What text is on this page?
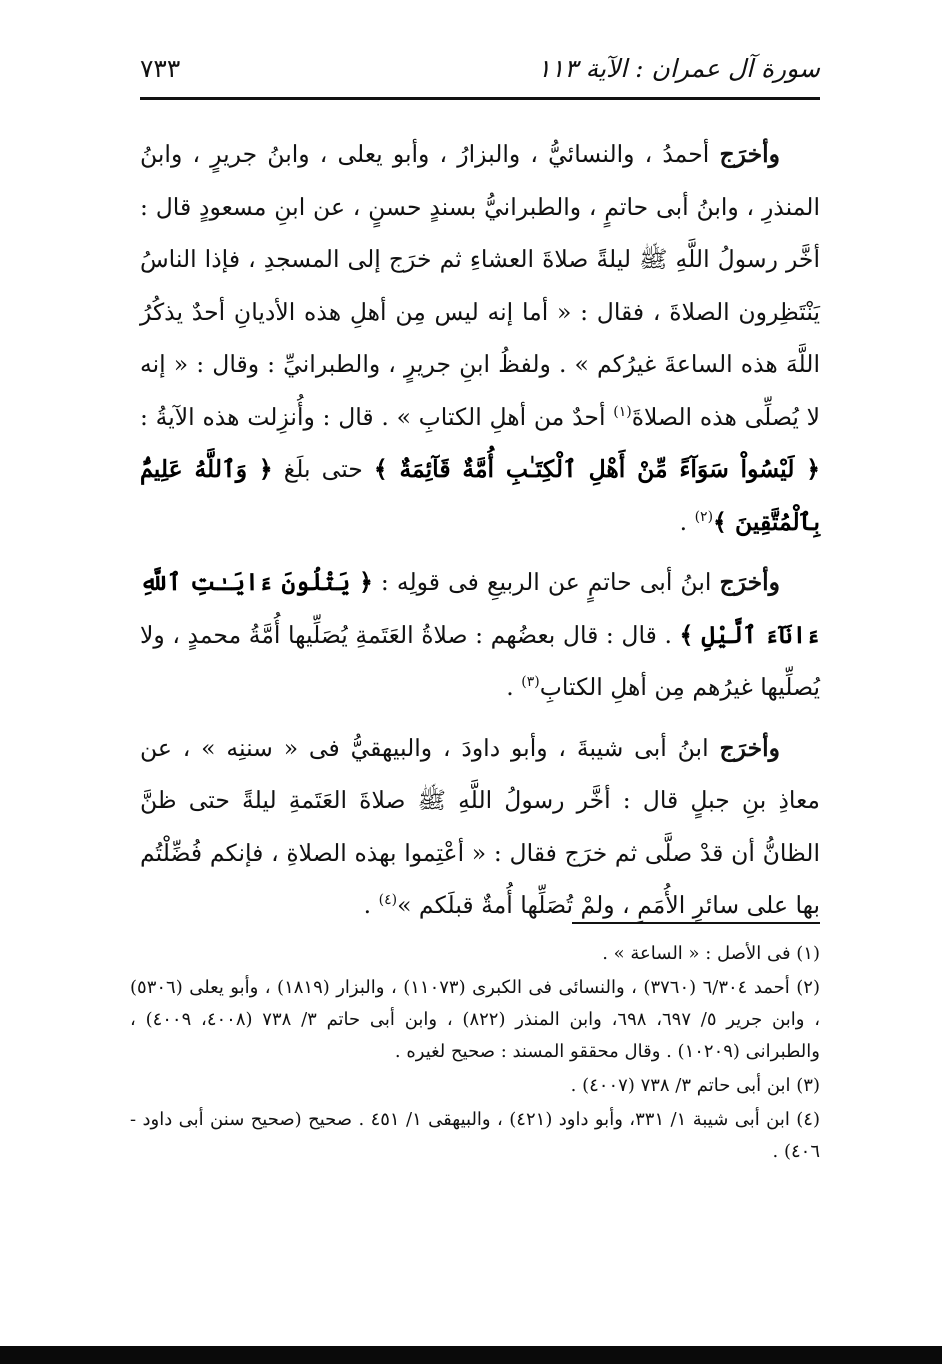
سورة آل عمران : الآية ١١٣
٧٣٣

وأخرَج أحمدُ ، والنسائيُّ ، والبزارُ ، وأبو يعلى ، وابنُ جريرٍ ، وابنُ المنذرِ ، وابنُ أبى حاتمٍ ، والطبرانيُّ بسندٍ حسنٍ ، عن ابنِ مسعودٍ قال : أخَّر رسولُ اللَّهِ ﷺ ليلةً صلاةَ العشاءِ ثم خرَج إلى المسجدِ ، فإذا الناسُ يَنْتَظِرون الصلاةَ ، فقال : « أما إنه ليس مِن أهلِ هذه الأديانِ أحدٌ يذكُرُ اللَّهَ هذه الساعةَ غيرُكم » . ولفظُ ابنِ جريرٍ ، والطبرانيِّ : وقال : « إنه لا يُصلِّى هذه الصلاةَ$^{(١)}$ أحدٌ من أهلِ الكتابِ » . قال : وأُنزِلت هذه الآيةُ : ﴿ لَيْسُواْ سَوَآءً مِّنْ أَهْلِ ٱلْكِتَـٰبِ أُمَّةٌ قَآئِمَةٌ ﴾ حتى بلَغ ﴿ وَٱللَّهُ عَلِيمٌۢ بِٱلْمُتَّقِينَ ﴾$^{(٢)}$ .

وأخرَج ابنُ أبى حاتمٍ عن الربيعِ فى قولِه : ﴿ يَتْلُونَ ءَايَـٰتِ ٱللَّهِ ءَانَآءَ ٱلَّيْلِ ﴾ . قال : قال بعضُهم : صلاةُ العَتَمةِ يُصَلِّيها أُمَّةُ محمدٍ ، ولا يُصلِّيها غيرُهم مِن أهلِ الكتابِ$^{(٣)}$ .

وأخرَج ابنُ أبى شيبةَ ، وأبو داودَ ، والبيهقيُّ فى « سننِه » ، عن معاذِ بنِ جبلٍ قال : أخَّر رسولُ اللَّهِ ﷺ صلاةَ العَتَمةِ ليلةً حتى ظنَّ الظانُّ أن قدْ صلَّى ثم خرَج فقال : « أعْتِموا بهذه الصلاةِ ، فإنكم فُضِّلْتُم بها على سائرِ الأُمَمِ ، ولمْ تُصَلِّها أُمةٌ قبلَكم »$^{(٤)}$ .

(١) فى الأصل : « الساعة » .

(٢) أحمد ٦/٣٠٤ (٣٧٦٠) ، والنسائى فى الكبرى (١١٠٧٣) ، والبزار (١٨١٩) ، وأبو يعلى (٥٣٠٦) ، وابن جرير ٥/ ٦٩٧، ٦٩٨، وابن المنذر (٨٢٢) ، وابن أبى حاتم ٣/ ٧٣٨ (٤٠٠٨، ٤٠٠٩) ، والطبرانى (١٠٢٠٩) . وقال محققو المسند : صحيح لغيره .

(٣) ابن أبى حاتم ٣/ ٧٣٨ (٤٠٠٧) .

(٤) ابن أبى شيبة ١/ ٣٣١، وأبو داود (٤٢١) ، والبيهقى ١/ ٤٥١ . صحيح (صحيح سنن أبى داود - ٤٠٦) .
